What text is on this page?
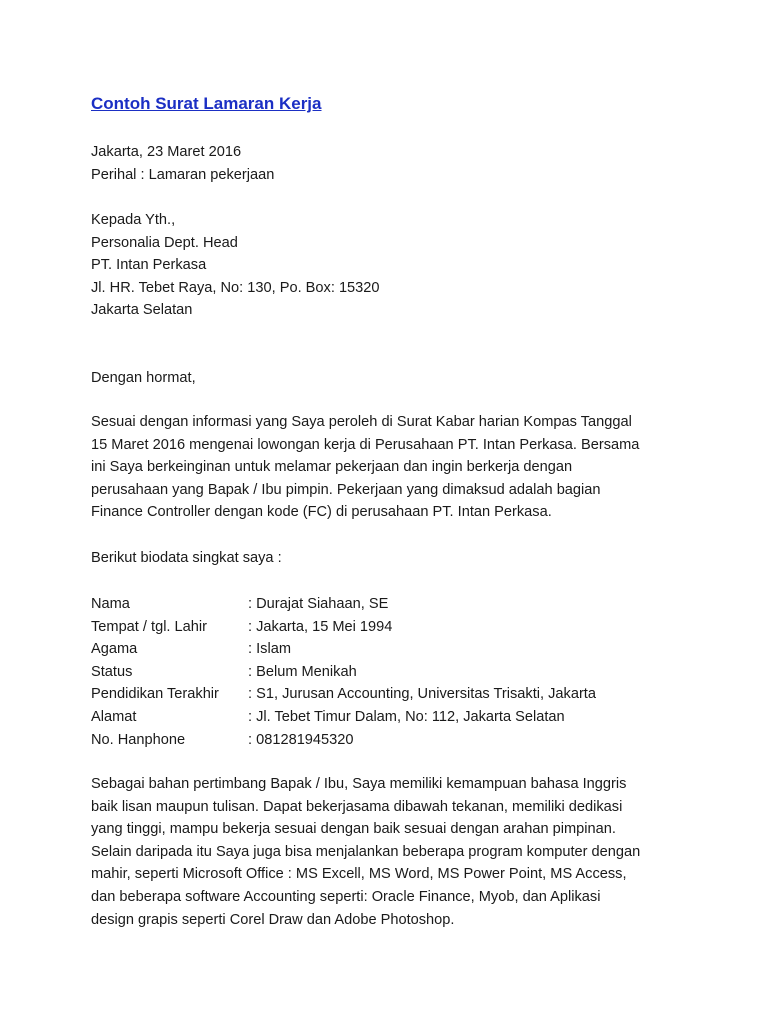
Contoh Surat Lamaran Kerja
Jakarta, 23 Maret 2016
Perihal : Lamaran pekerjaan
Kepada Yth.,
Personalia Dept. Head
PT. Intan Perkasa
Jl. HR. Tebet Raya, No: 130, Po. Box: 15320
Jakarta Selatan
Dengan hormat,
Sesuai dengan informasi yang Saya peroleh di Surat Kabar harian Kompas Tanggal
15 Maret 2016 mengenai lowongan kerja di Perusahaan PT. Intan Perkasa. Bersama
ini Saya berkeinginan untuk melamar pekerjaan dan ingin berkerja dengan
perusahaan yang Bapak / Ibu pimpin. Pekerjaan yang dimaksud adalah bagian
Finance Controller dengan kode (FC) di perusahaan PT. Intan Perkasa.
Berikut biodata singkat saya :
Nama	: Durajat Siahaan, SE
Tempat / tgl. Lahir	: Jakarta, 15 Mei 1994
Agama	: Islam
Status	: Belum Menikah
Pendidikan Terakhir	: S1, Jurusan Accounting, Universitas Trisakti, Jakarta
Alamat	: Jl. Tebet Timur Dalam, No: 112, Jakarta Selatan
No. Hanphone	: 081281945320
Sebagai bahan pertimbang Bapak / Ibu, Saya memiliki kemampuan bahasa Inggris
baik lisan maupun tulisan. Dapat bekerjasama dibawah tekanan, memiliki dedikasi
yang tinggi, mampu bekerja sesuai dengan baik sesuai dengan arahan pimpinan.
Selain daripada itu Saya juga bisa menjalankan beberapa program komputer dengan
mahir, seperti Microsoft Office : MS Excell, MS Word, MS Power Point, MS Access,
dan beberapa software Accounting seperti: Oracle Finance, Myob, dan Aplikasi
design grapis seperti Corel Draw dan Adobe Photoshop.
